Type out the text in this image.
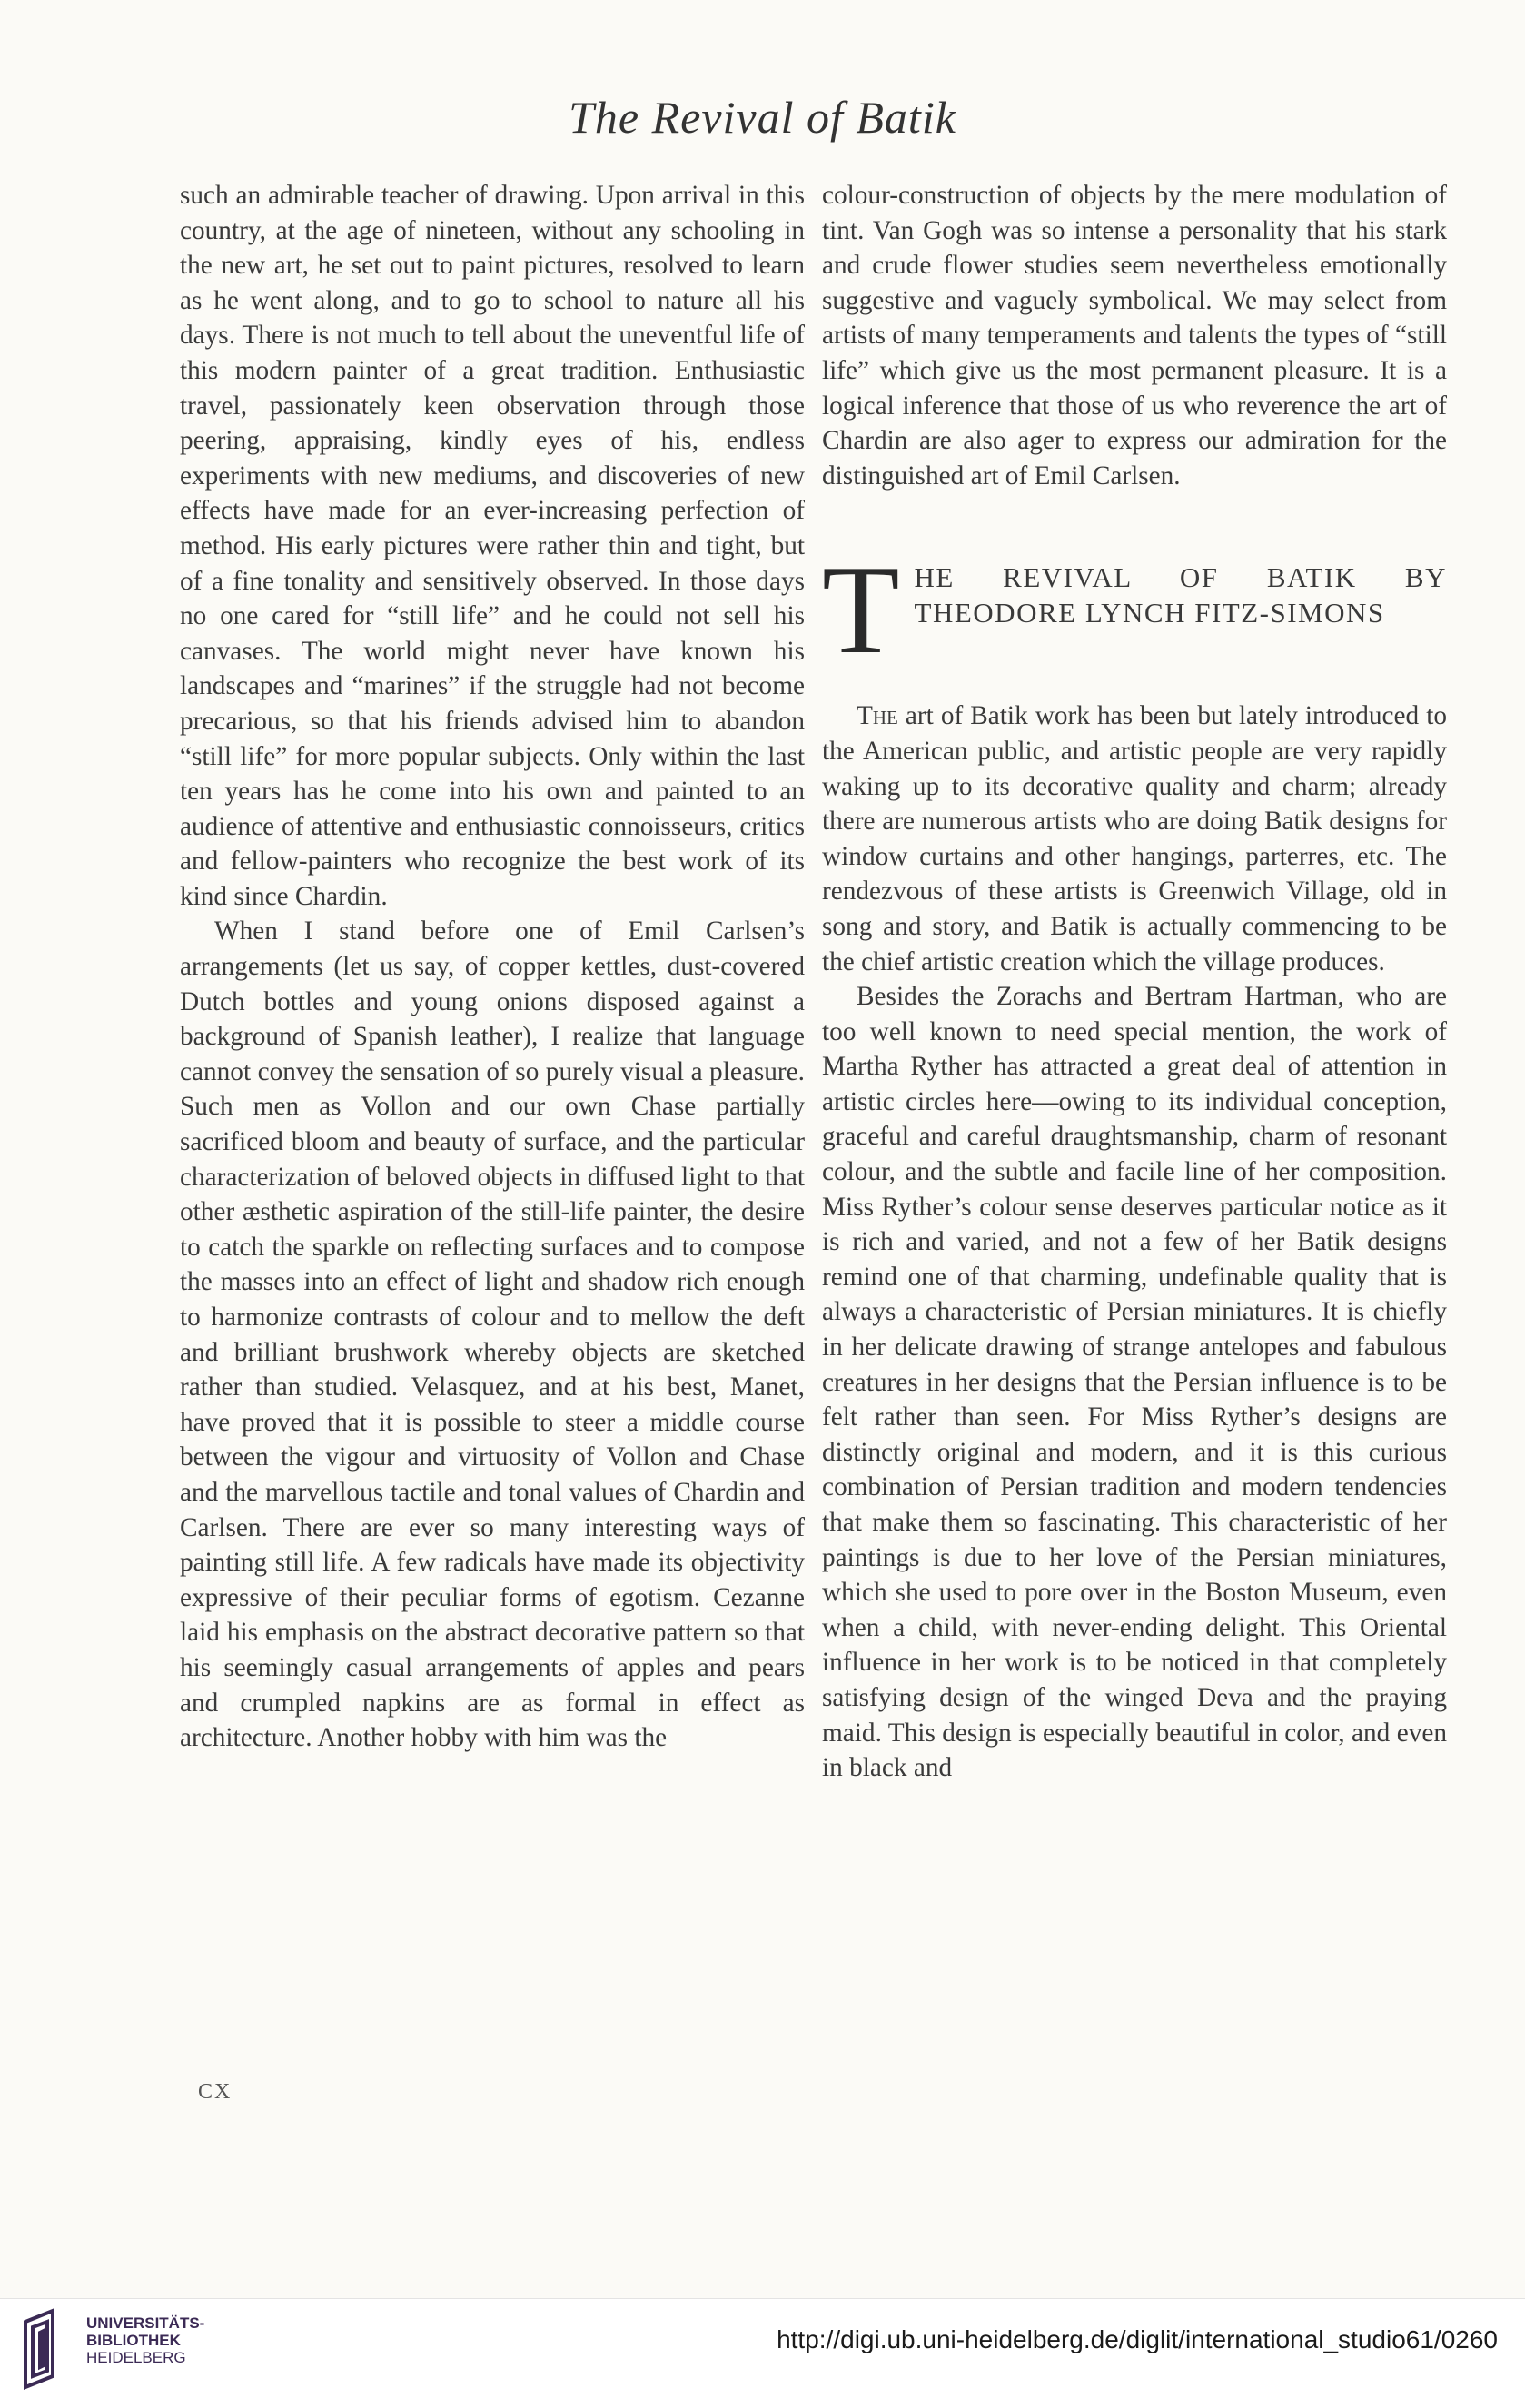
The Revival of Batik

such an admirable teacher of drawing. Upon arrival in this country, at the age of nineteen, without any schooling in the new art, he set out to paint pictures, resolved to learn as he went along, and to go to school to nature all his days. There is not much to tell about the uneventful life of this modern painter of a great tradition. Enthusiastic travel, passionately keen observation through those peering, appraising, kindly eyes of his, endless experiments with new mediums, and discoveries of new effects have made for an ever-increasing perfection of method. His early pictures were rather thin and tight, but of a fine tonality and sensitively observed. In those days no one cared for “still life” and he could not sell his canvases. The world might never have known his landscapes and “marines” if the struggle had not become precarious, so that his friends advised him to abandon “still life” for more popular subjects. Only within the last ten years has he come into his own and painted to an audience of attentive and enthusiastic connoisseurs, critics and fellow-painters who recognize the best work of its kind since Chardin.

When I stand before one of Emil Carlsen’s arrangements (let us say, of copper kettles, dust-covered Dutch bottles and young onions disposed against a background of Spanish leather), I realize that language cannot convey the sensation of so purely visual a pleasure. Such men as Vollon and our own Chase partially sacrificed bloom and beauty of surface, and the particular characterization of beloved objects in diffused light to that other æsthetic aspiration of the still-life painter, the desire to catch the sparkle on reflecting surfaces and to compose the masses into an effect of light and shadow rich enough to harmonize contrasts of colour and to mellow the deft and brilliant brushwork whereby objects are sketched rather than studied. Velasquez, and at his best, Manet, have proved that it is possible to steer a middle course between the vigour and virtuosity of Vollon and Chase and the marvellous tactile and tonal values of Chardin and Carlsen. There are ever so many interesting ways of painting still life. A few radicals have made its objectivity expressive of their peculiar forms of egotism. Cezanne laid his emphasis on the abstract decorative pattern so that his seemingly casual arrangements of apples and pears and crumpled napkins are as formal in effect as architecture. Another hobby with him was the

colour-construction of objects by the mere modulation of tint. Van Gogh was so intense a personality that his stark and crude flower studies seem nevertheless emotionally suggestive and vaguely symbolical. We may select from artists of many temperaments and talents the types of “still life” which give us the most permanent pleasure. It is a logical inference that those of us who reverence the art of Chardin are also ager to express our admiration for the distinguished art of Emil Carlsen.

T HE REVIVAL OF BATIK BY THEODORE LYNCH FITZ-SIMONS

The art of Batik work has been but lately introduced to the American public, and artistic people are very rapidly waking up to its decorative quality and charm; already there are numerous artists who are doing Batik designs for window curtains and other hangings, parterres, etc. The rendezvous of these artists is Greenwich Village, old in song and story, and Batik is actually commencing to be the chief artistic creation which the village produces.

Besides the Zorachs and Bertram Hartman, who are too well known to need special mention, the work of Martha Ryther has attracted a great deal of attention in artistic circles here—owing to its individual conception, graceful and careful draughtsmanship, charm of resonant colour, and the subtle and facile line of her composition. Miss Ryther’s colour sense deserves particular notice as it is rich and varied, and not a few of her Batik designs remind one of that charming, undefinable quality that is always a characteristic of Persian miniatures. It is chiefly in her delicate drawing of strange antelopes and fabulous creatures in her designs that the Persian influence is to be felt rather than seen. For Miss Ryther’s designs are distinctly original and modern, and it is this curious combination of Persian tradition and modern tendencies that make them so fascinating. This characteristic of her paintings is due to her love of the Persian miniatures, which she used to pore over in the Boston Museum, even when a child, with never-ending delight. This Oriental influence in her work is to be noticed in that completely satisfying design of the winged Deva and the praying maid. This design is especially beautiful in color, and even in black and

CX
UNIVERSITÄTS-
BIBLIOTHEK
HEIDELBERG
http://digi.ub.uni-heidelberg.de/diglit/international_studio61/0260
